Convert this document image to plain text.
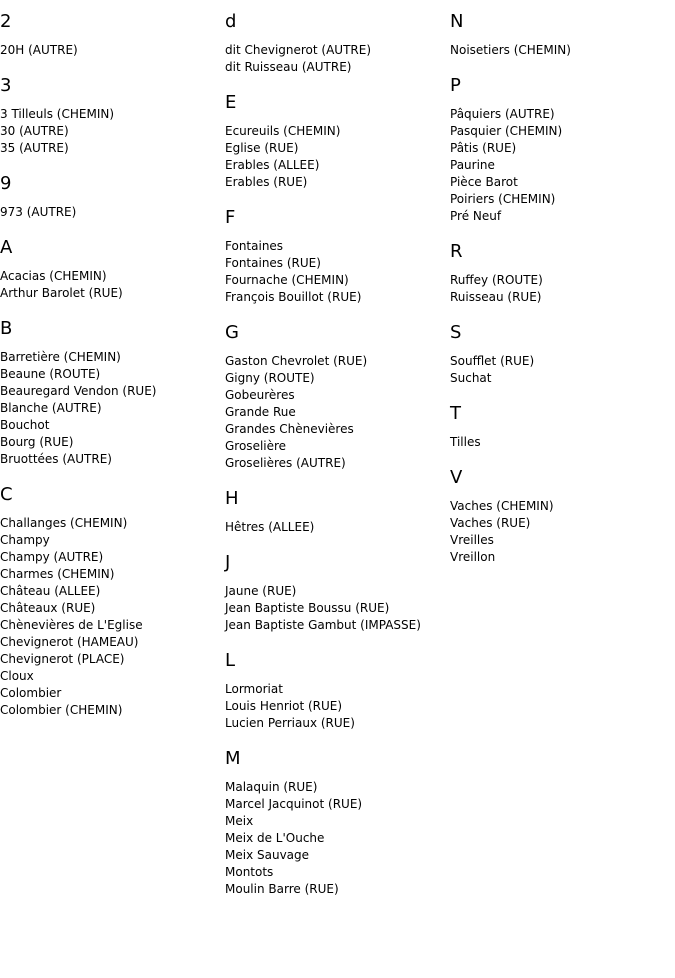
2
20H (AUTRE)
3
3 Tilleuls (CHEMIN)
30 (AUTRE)
35 (AUTRE)
9
973 (AUTRE)
A
Acacias (CHEMIN)
Arthur Barolet (RUE)
B
Barretière (CHEMIN)
Beaune (ROUTE)
Beauregard Vendon (RUE)
Blanche (AUTRE)
Bouchot
Bourg (RUE)
Bruottées (AUTRE)
C
Challanges (CHEMIN)
Champy
Champy (AUTRE)
Charmes (CHEMIN)
Château (ALLEE)
Châteaux (RUE)
Chènevières de L'Eglise
Chevignerot (HAMEAU)
Chevignerot (PLACE)
Cloux
Colombier
Colombier (CHEMIN)
d
dit Chevignerot (AUTRE)
dit Ruisseau (AUTRE)
E
Ecureuils (CHEMIN)
Eglise (RUE)
Erables (ALLEE)
Erables (RUE)
F
Fontaines
Fontaines (RUE)
Fournache (CHEMIN)
François Bouillot (RUE)
G
Gaston Chevrolet (RUE)
Gigny (ROUTE)
Gobeurères
Grande Rue
Grandes Chènevières
Groselière
Groselières (AUTRE)
H
Hêtres (ALLEE)
J
Jaune (RUE)
Jean Baptiste Boussu (RUE)
Jean Baptiste Gambut (IMPASSE)
L
Lormoriat
Louis Henriot (RUE)
Lucien Perriaux (RUE)
M
Malaquin (RUE)
Marcel Jacquinot (RUE)
Meix
Meix de L'Ouche
Meix Sauvage
Montots
Moulin Barre (RUE)
N
Noisetiers (CHEMIN)
P
Pâquiers (AUTRE)
Pasquier (CHEMIN)
Pâtis (RUE)
Paurine
Pièce Barot
Poiriers (CHEMIN)
Pré Neuf
R
Ruffey (ROUTE)
Ruisseau (RUE)
S
Soufflet (RUE)
Suchat
T
Tilles
V
Vaches (CHEMIN)
Vaches (RUE)
Vreilles
Vreillon
